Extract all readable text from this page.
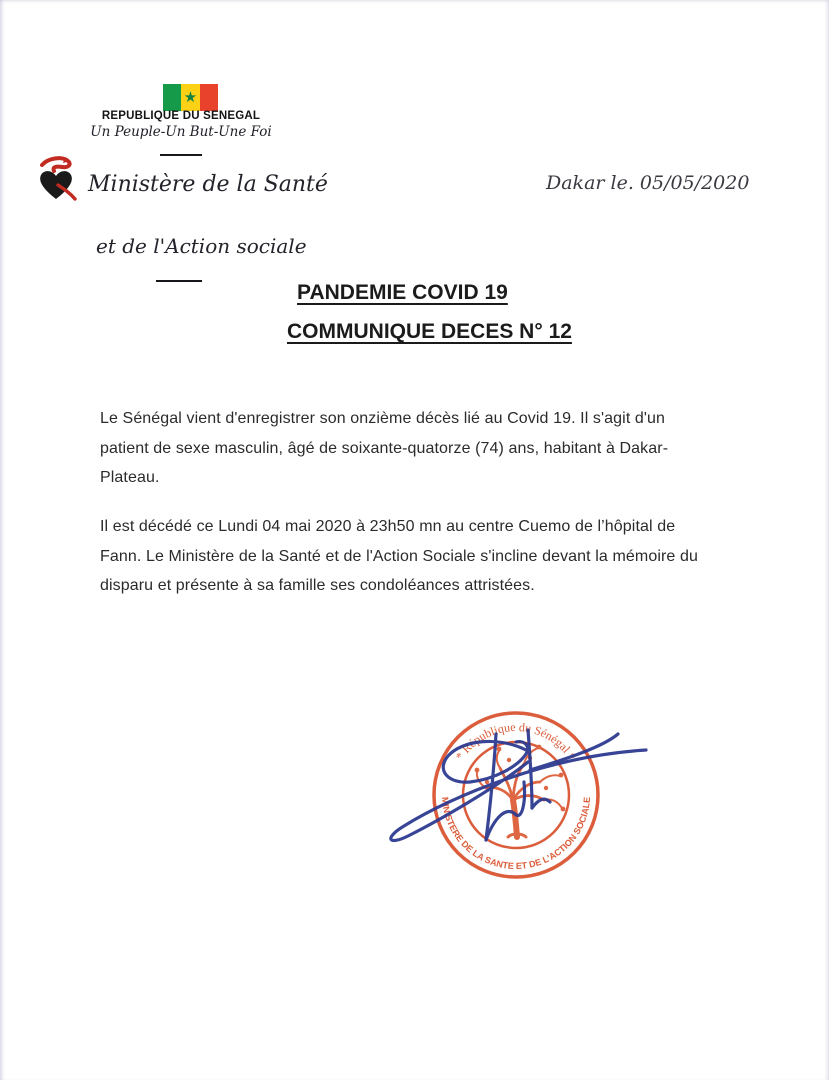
★
REPUBLIQUE DU SENEGAL
Un Peuple-Un But-Une Foi
Ministère de la Santé	Dakar le. 05/05/2020
et de l'Action sociale
PANDEMIE COVID 19
COMMUNIQUE DECES N° 12
Le Sénégal vient d'enregistrer son onzième décès lié au Covid 19. Il s'agit d'un
patient de sexe masculin, âgé de soixante-quatorze (74) ans, habitant à Dakar-
Plateau.
Il est décédé ce Lundi 04 mai 2020 à 23h50 mn au centre Cuemo de l’hôpital de
Fann. Le Ministère de la Santé et de l'Action Sociale s'incline devant la mémoire du
disparu et présente à sa famille ses condoléances attristées.
* République du Sénégal *
MINISTERE DE LA SANTE ET DE L'ACTION SOCIALE
